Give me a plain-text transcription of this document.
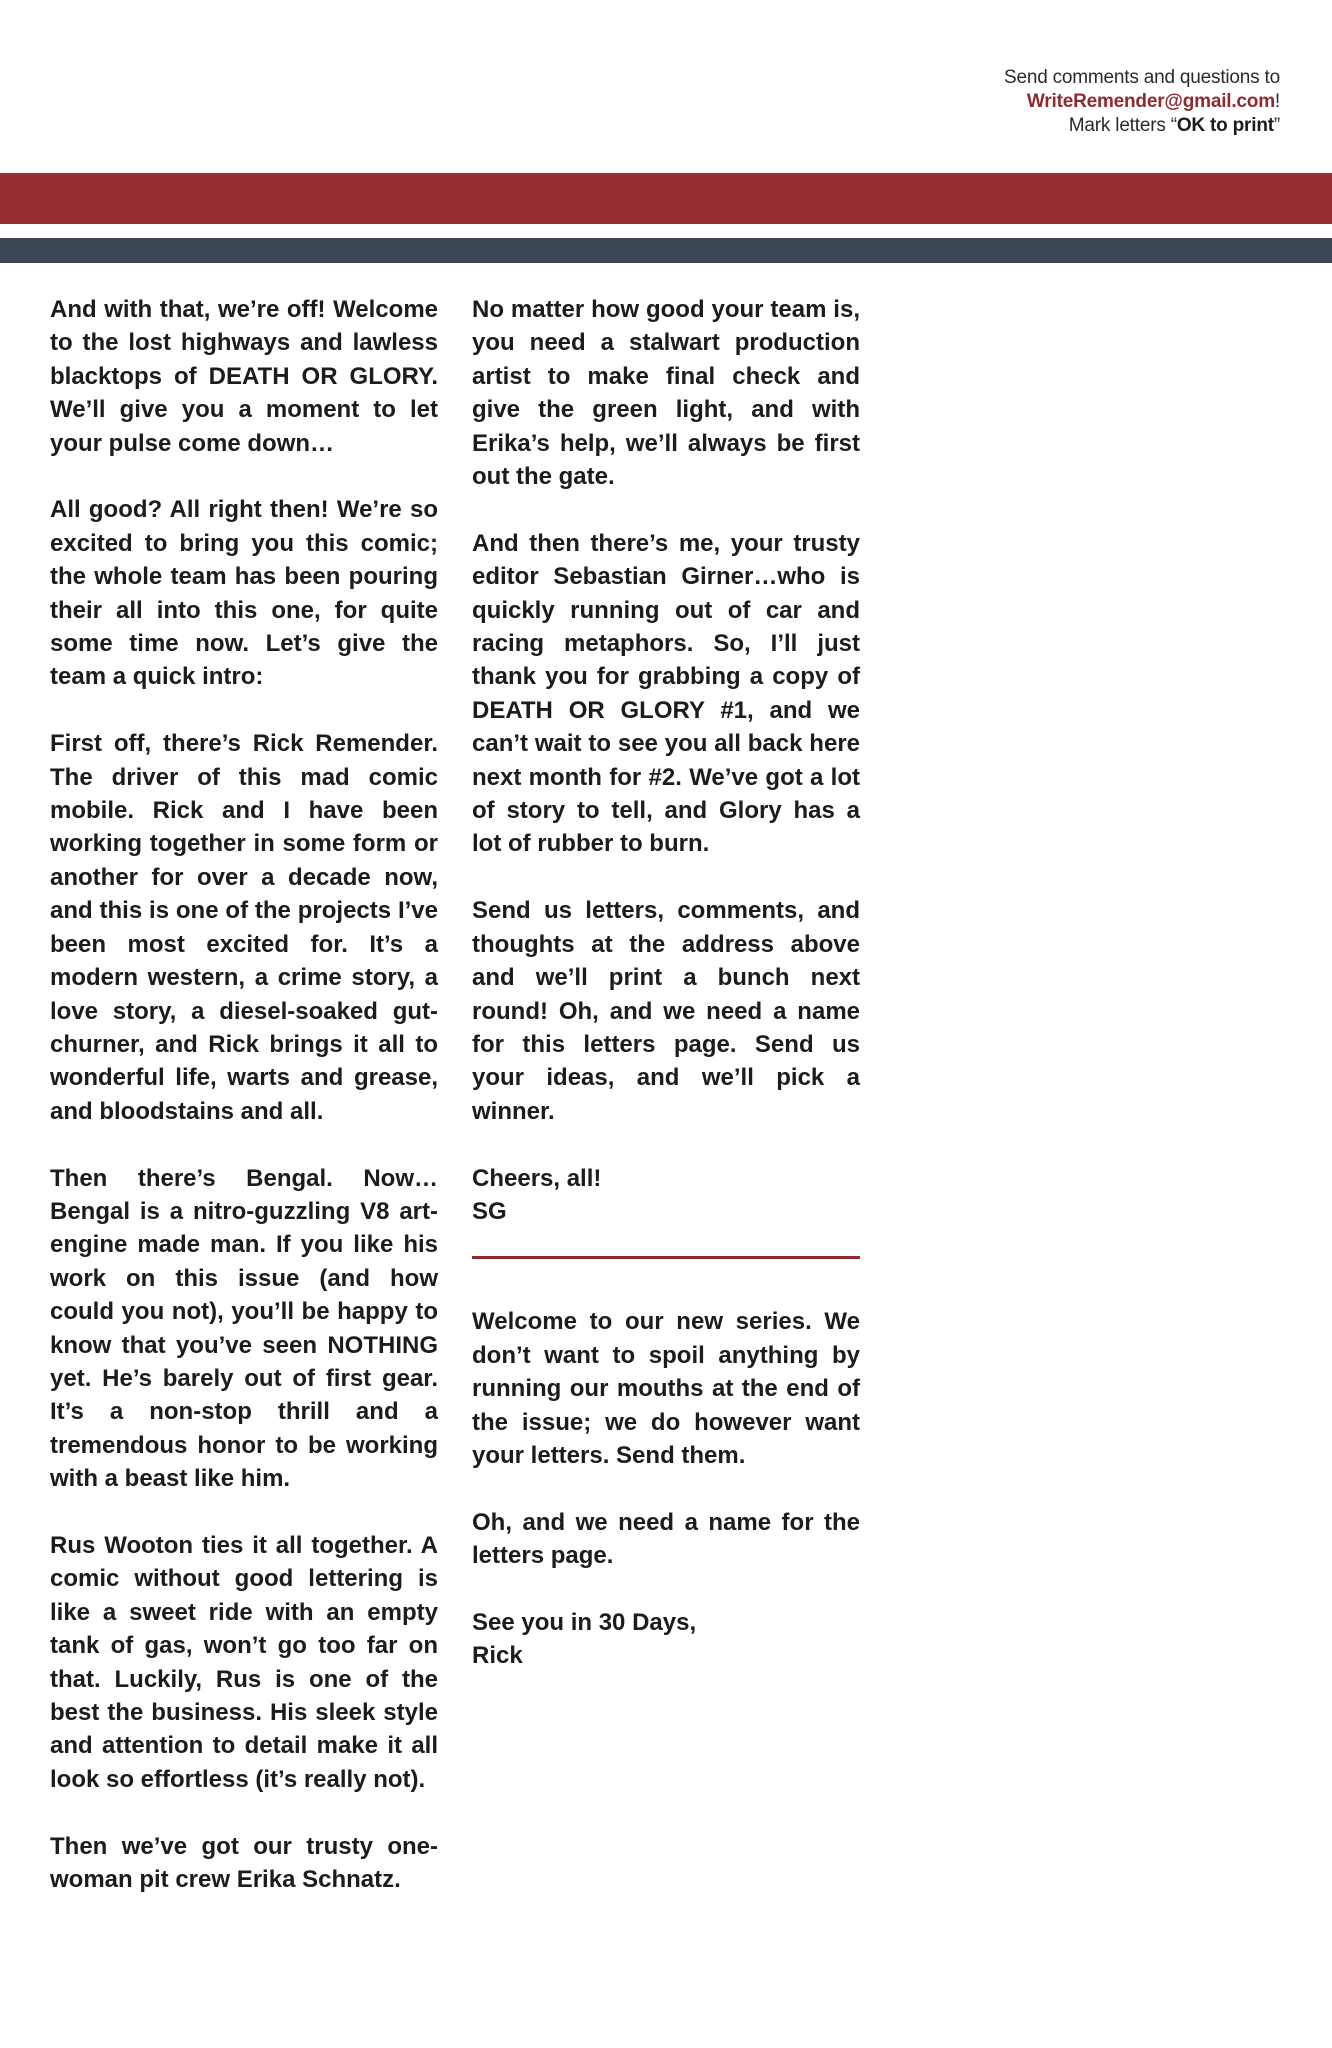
Send comments and questions to
WriteRemender@gmail.com!
Mark letters “OK to print”

And with that, we’re off! Welcome to the lost highways and lawless blacktops of DEATH OR GLORY. We’ll give you a moment to let your pulse come down…

All good? All right then! We’re so excited to bring you this comic; the whole team has been pouring their all into this one, for quite some time now. Let’s give the team a quick intro:

First off, there’s Rick Remender. The driver of this mad comic mobile. Rick and I have been working together in some form or another for over a decade now, and this is one of the projects I’ve been most excited for. It’s a modern western, a crime story, a love story, a diesel-soaked gut-churner, and Rick brings it all to wonderful life, warts and grease, and bloodstains and all.

Then there’s Bengal. Now… Bengal is a nitro-guzzling V8 art-engine made man. If you like his work on this issue (and how could you not), you’ll be happy to know that you’ve seen NOTHING yet. He’s barely out of first gear. It’s a non-stop thrill and a tremendous honor to be working with a beast like him.

Rus Wooton ties it all together. A comic without good lettering is like a sweet ride with an empty tank of gas, won’t go too far on that. Luckily, Rus is one of the best the business. His sleek style and attention to detail make it all look so effortless (it’s really not).

Then we’ve got our trusty one-woman pit crew Erika Schnatz.

No matter how good your team is, you need a stalwart production artist to make final check and give the green light, and with Erika’s help, we’ll always be first out the gate.

And then there’s me, your trusty editor Sebastian Girner…who is quickly running out of car and racing metaphors. So, I’ll just thank you for grabbing a copy of DEATH OR GLORY #1, and we can’t wait to see you all back here next month for #2. We’ve got a lot of story to tell, and Glory has a lot of rubber to burn.

Send us letters, comments, and thoughts at the address above and we’ll print a bunch next round! Oh, and we need a name for this letters page. Send us your ideas, and we’ll pick a winner.

Cheers, all!
SG

Welcome to our new series. We don’t want to spoil anything by running our mouths at the end of the issue; we do however want your letters. Send them.

Oh, and we need a name for the letters page.

See you in 30 Days,
Rick
